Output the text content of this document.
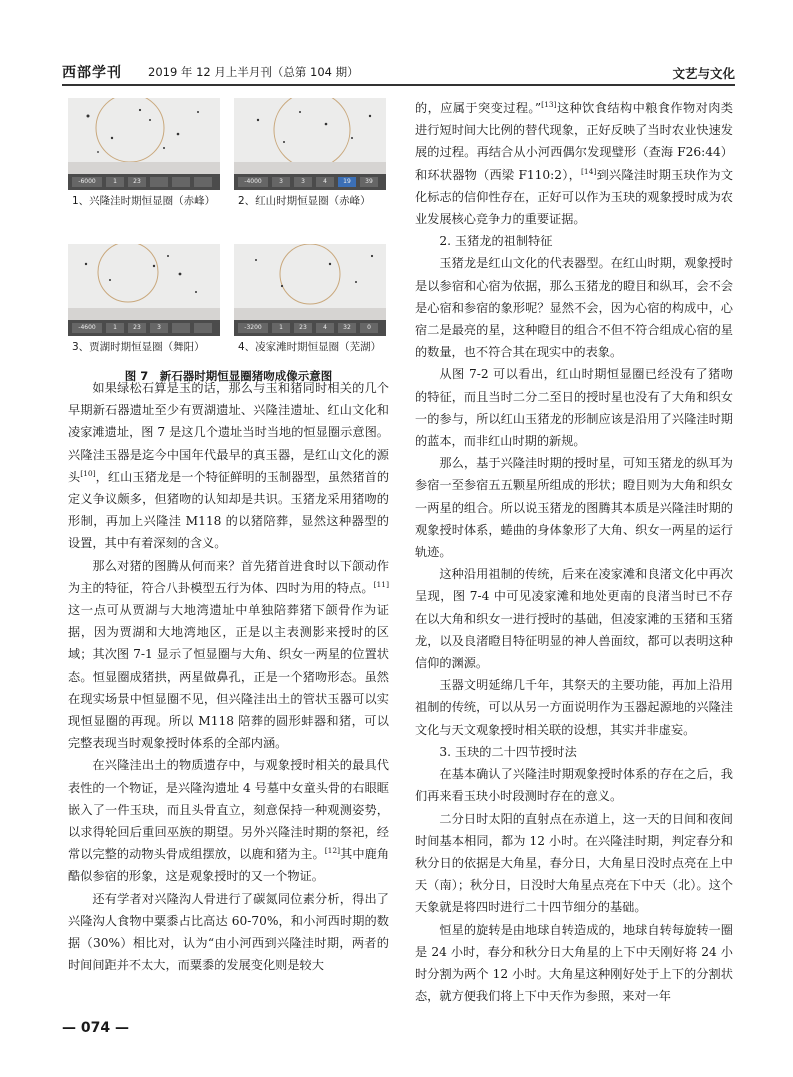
西部学刊 2019 年 12 月上半月刊（总第 104 期）	文艺与文化
-6000	1	23	-4000	3	3	4	19	39
1、兴隆洼时期恒显圈（赤峰）	2、红山时期恒显圈（赤峰）
-4600	1	23	3	-3200	1	23	4	32	0
3、贾湖时期恒显圈（舞阳）	4、凌家滩时期恒显圈（芜湖）
图 7　新石器时期恒显圈猪吻成像示意图

如果绿松石算是玉的话，那么与玉和猪同时相关的几个早期新石器遗址至少有贾湖遗址、兴隆洼遗址、红山文化和凌家滩遗址，图 7 是这几个遗址当时当地的恒显圈示意图。兴隆洼玉器是迄今中国年代最早的真玉器，是红山文化的源头[10]，红山玉猪龙是一个特征鲜明的玉制器型，虽然猪首的定义争议颇多，但猪吻的认知却是共识。玉猪龙采用猪吻的形制，再加上兴隆洼 M118 的以猪陪葬，显然这种器型的设置，其中有着深刻的含义。

那么对猪的图腾从何而来？首先猪首进食时以下颌动作为主的特征，符合八卦模型五行为体、四时为用的特点。[11]这一点可从贾湖与大地湾遗址中单独陪葬猪下颌骨作为证据，因为贾湖和大地湾地区，正是以主表测影来授时的区域；其次图 7-1 显示了恒显圈与大角、织女一两星的位置状态。恒显圈成猪拱，两星做鼻孔，正是一个猪吻形态。虽然在现实场景中恒显圈不见，但兴隆洼出土的管状玉器可以实现恒显圈的再现。所以 M118 陪葬的圆形蚌器和猪，可以完整表现当时观象授时体系的全部内涵。

在兴隆洼出土的物质遗存中，与观象授时相关的最具代表性的一个物证，是兴隆沟遗址 4 号墓中女童头骨的右眼眶嵌入了一件玉玦，而且头骨直立，刻意保持一种观测姿势，以求得轮回后重回巫族的期望。另外兴隆洼时期的祭祀，经常以完整的动物头骨成组摆放，以鹿和猪为主。[12]其中鹿角酷似参宿的形象，这是观象授时的又一个物证。

还有学者对兴隆沟人骨进行了碳氮同位素分析，得出了兴隆沟人食物中粟黍占比高达 60-70%，和小河西时期的数据（30%）相比对，认为“由小河西到兴隆洼时期，两者的时间间距并不太大，而粟黍的发展变化则是较大

的，应属于突变过程。”[13]这种饮食结构中粮食作物对肉类进行短时间大比例的替代现象，正好反映了当时农业快速发展的过程。再结合从小河西偶尔发现璧形（查海 F26:44）和环状器物（西梁 F110:2），[14]到兴隆洼时期玉玦作为文化标志的信仰性存在，正好可以作为玉玦的观象授时成为农业发展核心竞争力的重要证据。

2. 玉猪龙的祖制特征

玉猪龙是红山文化的代表器型。在红山时期，观象授时是以参宿和心宿为依据，那么玉猪龙的瞪目和纵耳，会不会是心宿和参宿的象形呢？显然不会，因为心宿的构成中，心宿二是最亮的星，这种瞪目的组合不但不符合组成心宿的星的数量，也不符合其在现实中的表象。

从图 7-2 可以看出，红山时期恒显圈已经没有了猪吻的特征，而且当时二分二至日的授时星也没有了大角和织女一的参与，所以红山玉猪龙的形制应该是沿用了兴隆洼时期的蓝本，而非红山时期的新规。

那么，基于兴隆洼时期的授时星，可知玉猪龙的纵耳为参宿一至参宿五五颗星所组成的形状；瞪目则为大角和织女一两星的组合。所以说玉猪龙的图腾其本质是兴隆洼时期的观象授时体系，蜷曲的身体象形了大角、织女一两星的运行轨迹。

这种沿用祖制的传统，后来在凌家滩和良渚文化中再次呈现，图 7-4 中可见凌家滩和地处更南的良渚当时已不存在以大角和织女一进行授时的基础，但凌家滩的玉猪和玉猪龙，以及良渚瞪目特征明显的神人兽面纹，都可以表明这种信仰的渊源。

玉器文明延绵几千年，其祭天的主要功能，再加上沿用祖制的传统，可以从另一方面说明作为玉器起源地的兴隆洼文化与天文观象授时相关联的设想，其实并非虚妄。

3. 玉玦的二十四节授时法

在基本确认了兴隆洼时期观象授时体系的存在之后，我们再来看玉玦小时段测时存在的意义。

二分日时太阳的直射点在赤道上，这一天的日间和夜间时间基本相同，都为 12 小时。在兴隆洼时期，判定春分和秋分日的依据是大角星，春分日，大角星日没时点亮在上中天（南）；秋分日，日没时大角星点亮在下中天（北）。这个天象就是将四时进行二十四节细分的基础。

恒星的旋转是由地球自转造成的，地球自转每旋转一圈是 24 小时，春分和秋分日大角星的上下中天刚好将 24 小时分割为两个 12 小时。大角星这种刚好处于上下的分割状态，就方便我们将上下中天作为参照，来对一年

— 074 —
